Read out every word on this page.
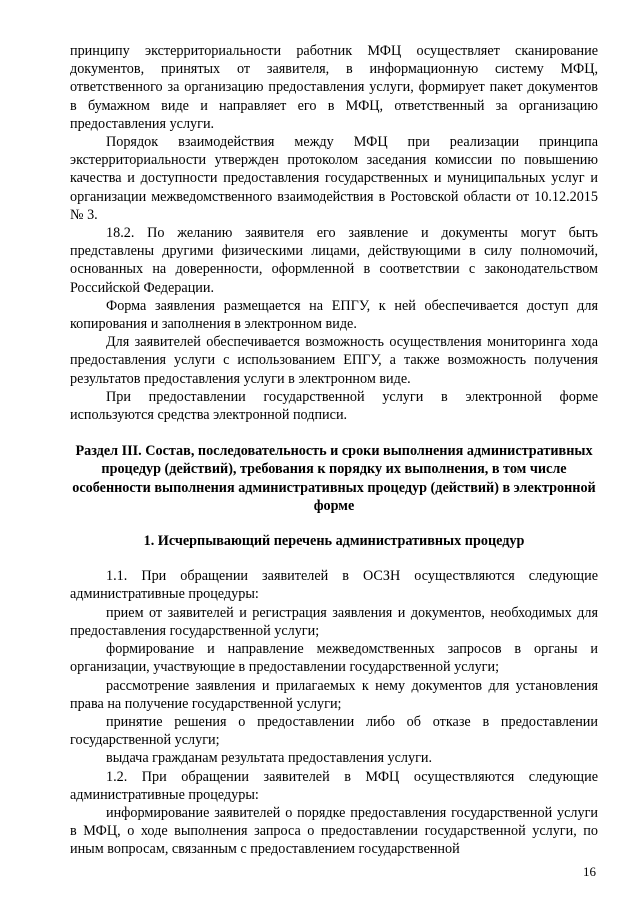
принципу экстерриториальности работник МФЦ осуществляет сканирование документов, принятых от заявителя, в информационную систему МФЦ, ответственного за организацию предоставления услуги, формирует пакет документов в бумажном виде и направляет его в МФЦ, ответственный за организацию предоставления услуги.

Порядок взаимодействия между МФЦ при реализации принципа экстерриториальности утвержден протоколом заседания комиссии по повышению качества и доступности предоставления государственных и муниципальных услуг и организации межведомственного взаимодействия в Ростовской области от 10.12.2015 № 3.

18.2. По желанию заявителя его заявление и документы могут быть представлены другими физическими лицами, действующими в силу полномочий, основанных на доверенности, оформленной в соответствии с законодательством Российской Федерации.

Форма заявления размещается на ЕПГУ, к ней обеспечивается доступ для копирования и заполнения в электронном виде.

Для заявителей обеспечивается возможность осуществления мониторинга хода предоставления услуги с использованием ЕПГУ, а также возможность получения результатов предоставления услуги в электронном виде.

При предоставлении государственной услуги в электронной форме используются средства электронной подписи.

Раздел III. Состав, последовательность и сроки выполнения административных процедур (действий), требования к порядку их выполнения, в том числе особенности выполнения административных процедур (действий) в электронной форме

1. Исчерпывающий перечень административных процедур

1.1. При обращении заявителей в ОСЗН осуществляются следующие административные процедуры:

прием от заявителей и регистрация заявления и документов, необходимых для предоставления государственной услуги;

формирование и направление межведомственных запросов в органы и организации, участвующие в предоставлении государственной услуги;

рассмотрение заявления и прилагаемых к нему документов для установления права на получение государственной услуги;

принятие решения о предоставлении либо об отказе в предоставлении государственной услуги;

выдача гражданам результата предоставления услуги.

1.2. При обращении заявителей в МФЦ осуществляются следующие административные процедуры:

информирование заявителей о порядке предоставления государственной услуги в МФЦ, о ходе выполнения запроса о предоставлении государственной услуги, по иным вопросам, связанным с предоставлением государственной

16
